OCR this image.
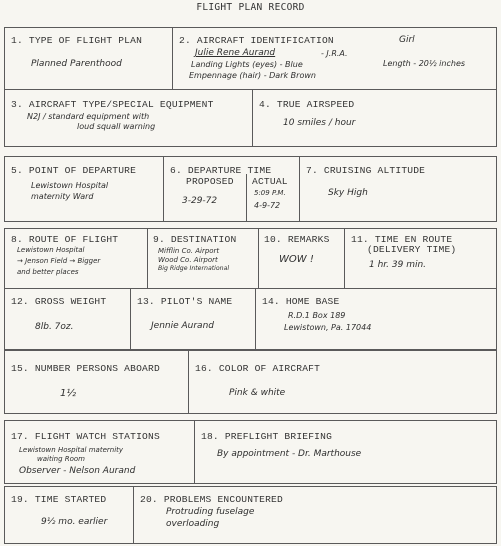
FLIGHT PLAN RECORD
1. TYPE OF FLIGHT PLAN
Planned Parenthood
2. AIRCRAFT IDENTIFICATION	Girl
Julie Rene Aurand	- J.R.A.
Landing Lights (eyes) - Blue	Length - 20½ inches
Empennage (hair) - Dark Brown
3. AIRCRAFT TYPE/SPECIAL EQUIPMENT
N2J / standard equipment with
loud squall warning
4. TRUE AIRSPEED
10 smiles / hour
5. POINT OF DEPARTURE
Lewistown Hospital
maternity Ward
6. DEPARTURE TIME
PROPOSED ACTUAL
3-29-72
5:09 P.M.
4-9-72
7. CRUISING ALTITUDE
Sky High
8. ROUTE OF FLIGHT
Lewistown Hospital
→ Jenson Field → Bigger
and better places
9. DESTINATION
Mifflin Co. Airport
Wood Co. Airport
Big Ridge International
10. REMARKS
WOW !
11. TIME EN ROUTE
(DELIVERY TIME)
1 hr. 39 min.
12. GROSS WEIGHT
8lb. 7oz.
13. PILOT'S NAME
Jennie Aurand
14. HOME BASE
R.D.1 Box 189
Lewistown, Pa. 17044
15. NUMBER PERSONS ABOARD
1½
16. COLOR OF AIRCRAFT
Pink & white
17. FLIGHT WATCH STATIONS
Lewistown Hospital maternity
waiting Room
Observer - Nelson Aurand
18. PREFLIGHT BRIEFING
By appointment - Dr. Marthouse
19. TIME STARTED
9½ mo. earlier
20. PROBLEMS ENCOUNTERED
Protruding fuselage
overloading
